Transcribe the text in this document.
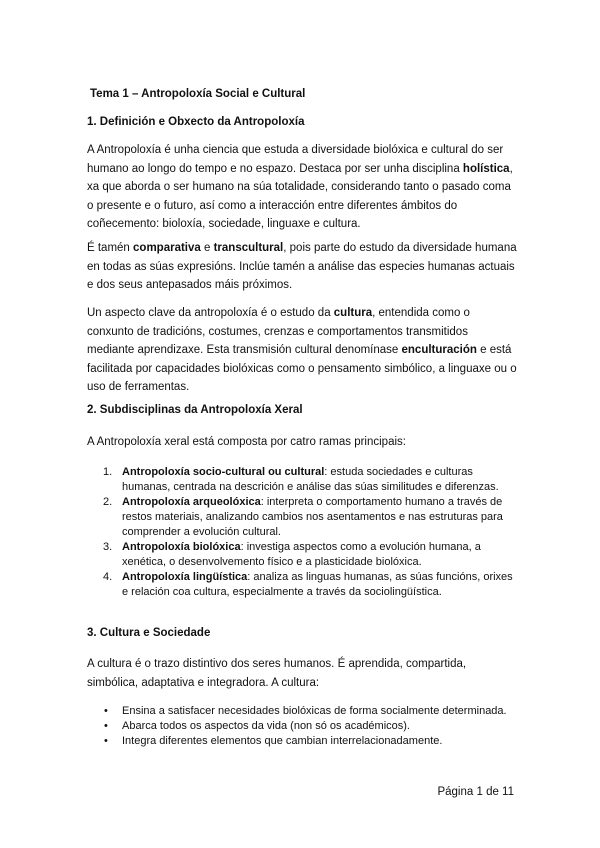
Tema 1 – Antropoloxía Social e Cultural

1. Definición e Obxecto da Antropoloxía

A Antropoloxía é unha ciencia que estuda a diversidade biolóxica e cultural do ser humano ao longo do tempo e no espazo. Destaca por ser unha disciplina holística, xa que aborda o ser humano na súa totalidade, considerando tanto o pasado coma o presente e o futuro, así como a interacción entre diferentes ámbitos do coñecemento: bioloxía, sociedade, linguaxe e cultura.

É tamén comparativa e transcultural, pois parte do estudo da diversidade humana en todas as súas expresións. Inclúe tamén a análise das especies humanas actuais e dos seus antepasados máis próximos.

Un aspecto clave da antropoloxía é o estudo da cultura, entendida como o conxunto de tradicións, costumes, crenzas e comportamentos transmitidos mediante aprendizaxe. Esta transmisión cultural denomínase enculturación e está facilitada por capacidades biolóxicas como o pensamento simbólico, a linguaxe ou o uso de ferramentas.

2. Subdisciplinas da Antropoloxía Xeral

A Antropoloxía xeral está composta por catro ramas principais:

1. Antropoloxía socio-cultural ou cultural: estuda sociedades e culturas humanas, centrada na descrición e análise das súas similitudes e diferenzas.
2. Antropoloxía arqueolóxica: interpreta o comportamento humano a través de restos materiais, analizando cambios nos asentamentos e nas estruturas para comprender a evolución cultural.
3. Antropoloxía biolóxica: investiga aspectos como a evolución humana, a xenética, o desenvolvemento físico e a plasticidade biolóxica.
4. Antropoloxía lingüística: analiza as linguas humanas, as súas funcións, orixes e relación coa cultura, especialmente a través da sociolingüística.

3. Cultura e Sociedade

A cultura é o trazo distintivo dos seres humanos. É aprendida, compartida, simbólica, adaptativa e integradora. A cultura:

• Ensina a satisfacer necesidades biolóxicas de forma socialmente determinada.
• Abarca todos os aspectos da vida (non só os académicos).
• Integra diferentes elementos que cambian interrelacionadamente.

Página 1 de 11
